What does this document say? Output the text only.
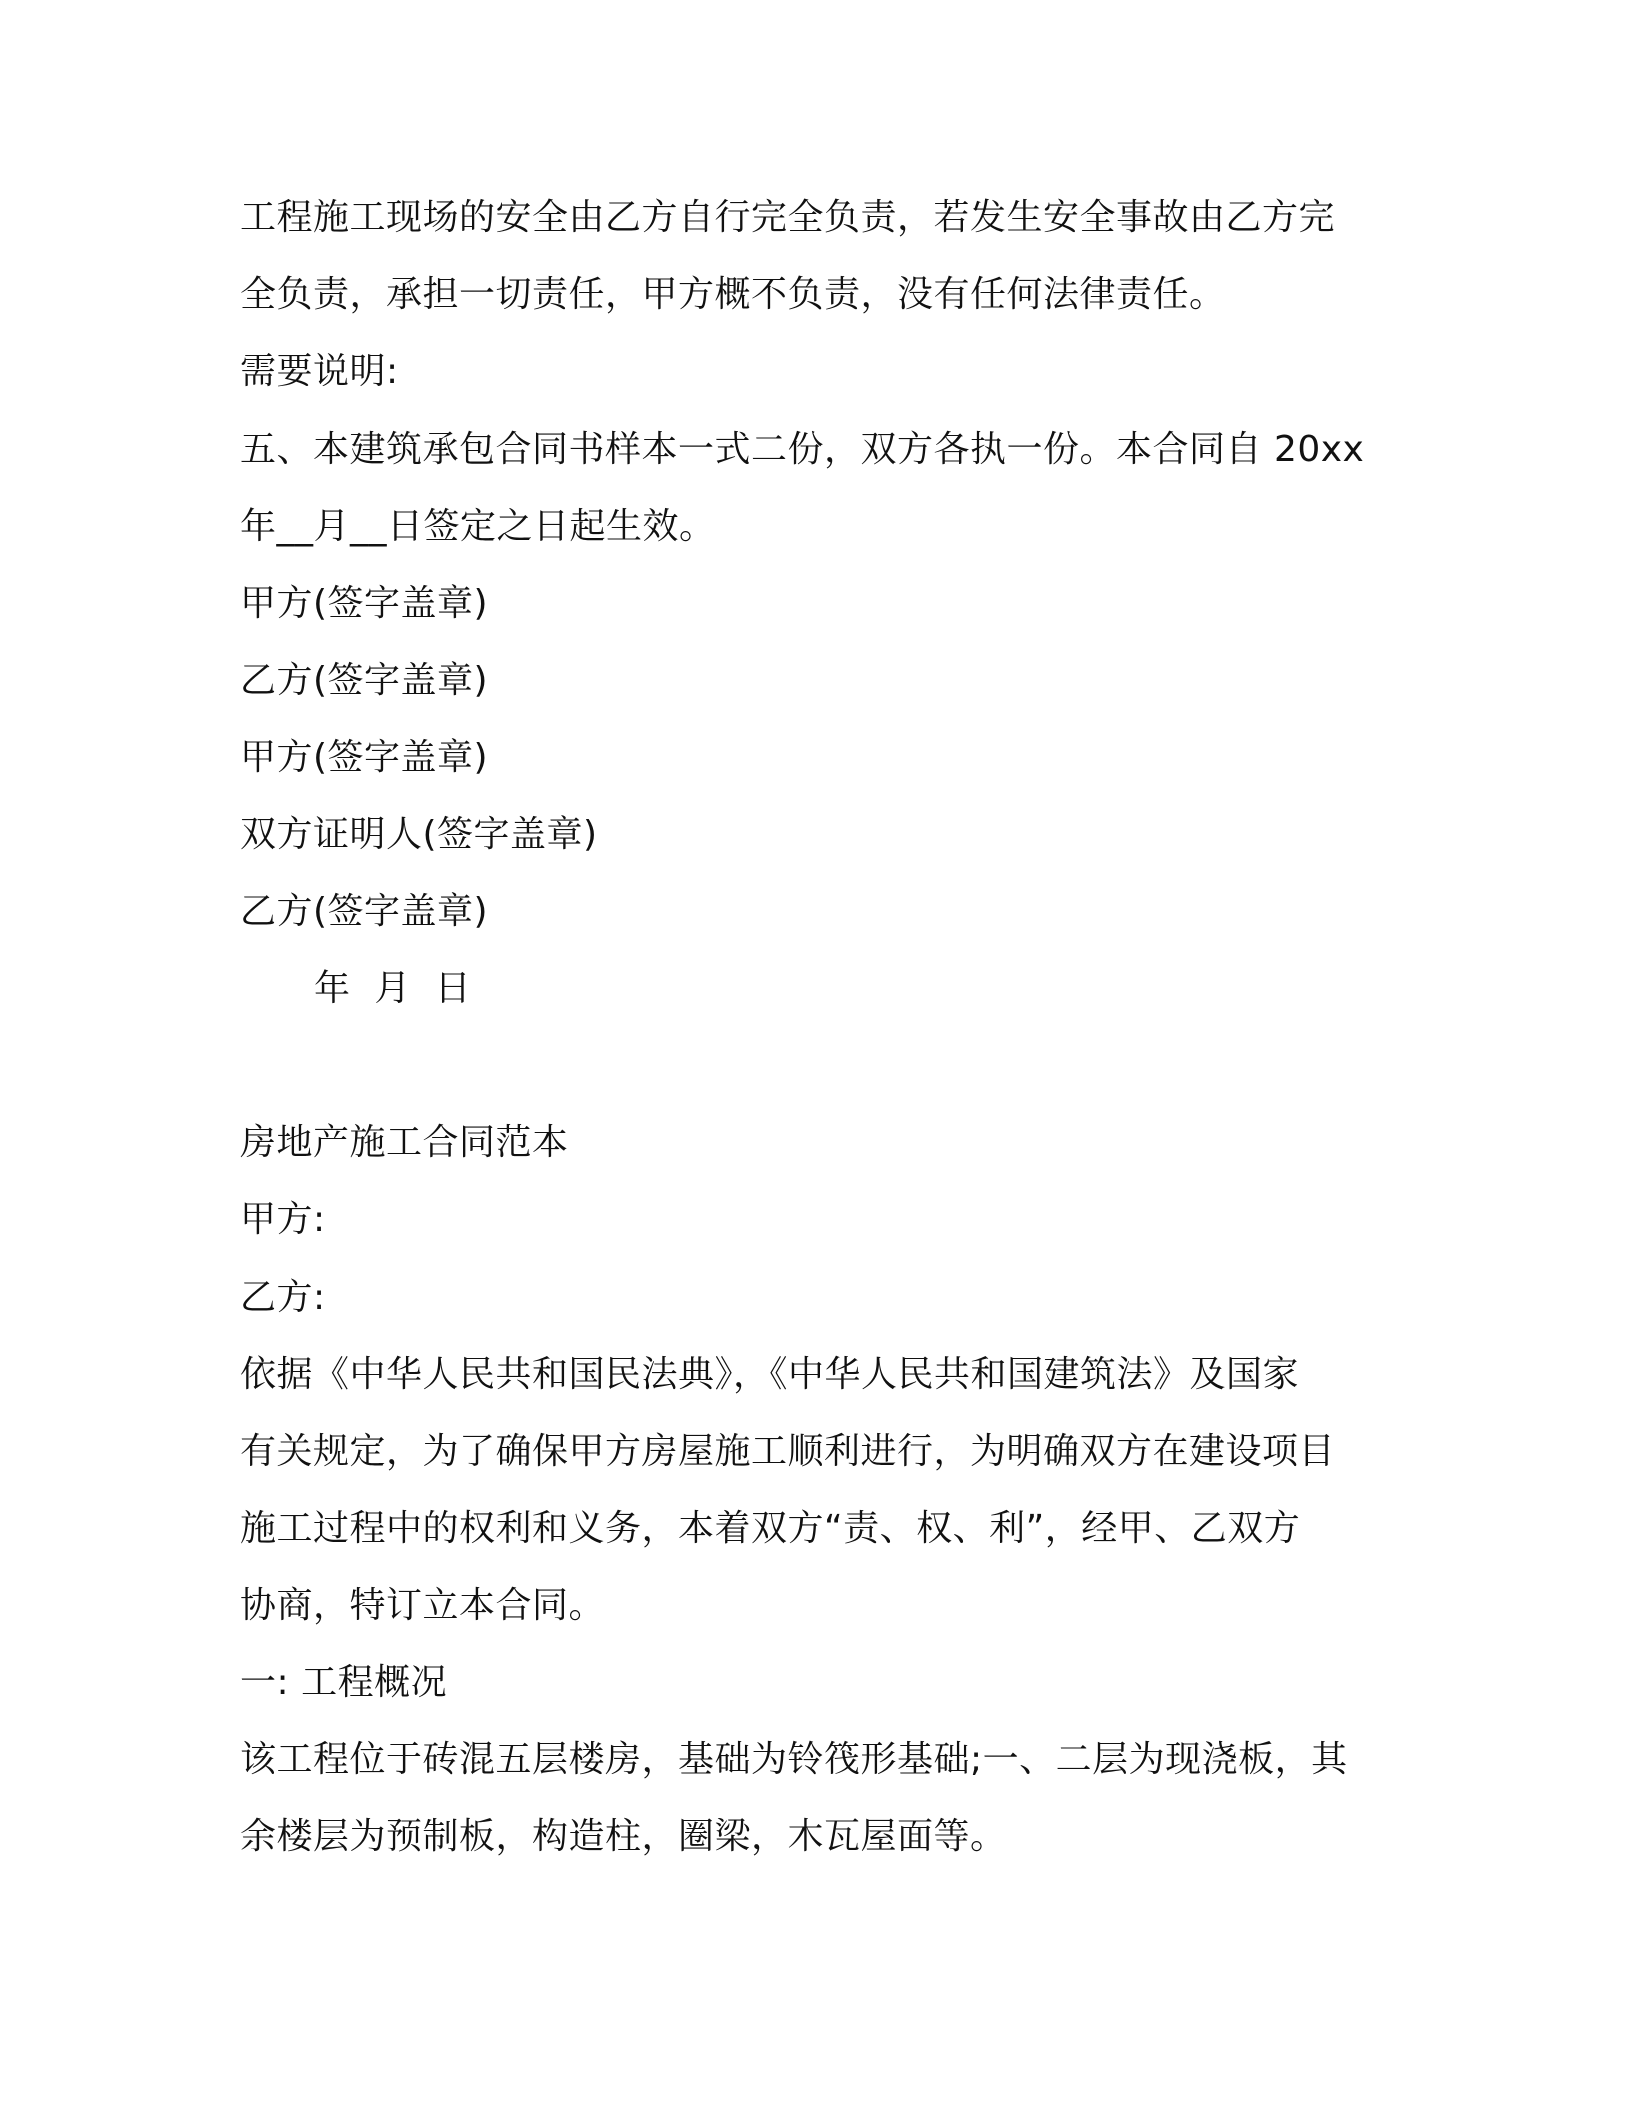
工程施工现场的安全由乙方自行完全负责，若发生安全事故由乙方完
全负责，承担一切责任，甲方概不负责，没有任何法律责任。
需要说明:
五、本建筑承包合同书样本一式二份，双方各执一份。本合同自 20xx
年__月__日签定之日起生效。
甲方(签字盖章)
乙方(签字盖章)
甲方(签字盖章)
双方证明人(签字盖章)
乙方(签字盖章)
年  月  日
房地产施工合同范本
甲方:
乙方:
依据《中华人民共和国民法典》，《中华人民共和国建筑法》及国家
有关规定，为了确保甲方房屋施工顺利进行，为明确双方在建设项目
施工过程中的权利和义务，本着双方“责、权、利”，经甲、乙双方
协商，特订立本合同。
一: 工程概况
该工程位于砖混五层楼房，基础为铃筏形基础;一、二层为现浇板，其
余楼层为预制板，构造柱，圈梁，木瓦屋面等。
